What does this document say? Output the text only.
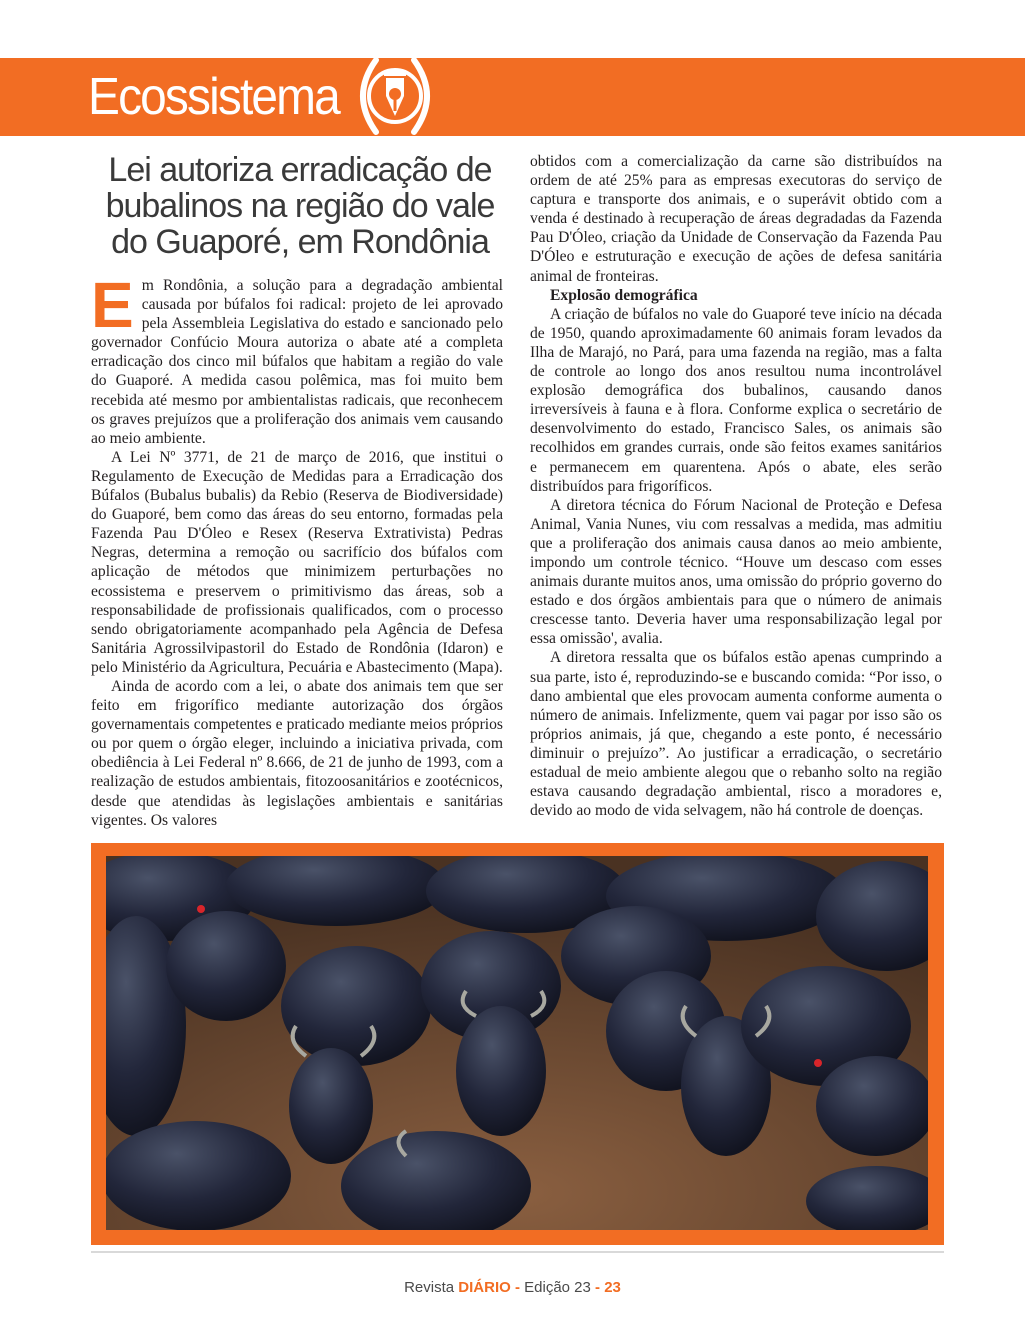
Ecossistema
Lei autoriza erradicação de bubalinos na região do vale do Guaporé, em Rondônia

Em Rondônia, a solução para a degradação ambiental causada por búfalos foi radical: projeto de lei aprovado pela Assembleia Legislativa do estado e sancionado pelo governador Confúcio Moura autoriza o abate até a completa erradicação dos cinco mil búfalos que habitam a região do vale do Guaporé. A medida casou polêmica, mas foi muito bem recebida até mesmo por ambientalistas radicais, que reconhecem os graves prejuízos que a proliferação dos animais vem causando ao meio ambiente.

A Lei Nº 3771, de 21 de março de 2016, que institui o Regulamento de Execução de Medidas para a Erradicação dos Búfalos (Bubalus bubalis) da Rebio (Reserva de Biodiversidade) do Guaporé, bem como das áreas do seu entorno, formadas pela Fazenda Pau D'Óleo e Resex (Reserva Extrativista) Pedras Negras, determina a remoção ou sacrifício dos búfalos com aplicação de métodos que minimizem perturbações no ecossistema e preservem o primitivismo das áreas, sob a responsabilidade de profissionais qualificados, com o processo sendo obrigatoriamente acompanhado pela Agência de Defesa Sanitária Agrossilvipastoril do Estado de Rondônia (Idaron) e pelo Ministério da Agricultura, Pecuária e Abastecimento (Mapa).

Ainda de acordo com a lei, o abate dos animais tem que ser feito em frigorífico mediante autorização dos órgãos governamentais competentes e praticado mediante meios próprios ou por quem o órgão eleger, incluindo a iniciativa privada, com obediência à Lei Federal nº 8.666, de 21 de junho de 1993, com a realização de estudos ambientais, fitozoosanitários e zootécnicos, desde que atendidas às legislações ambientais e sanitárias vigentes. Os valores

obtidos com a comercialização da carne são distribuídos na ordem de até 25% para as empresas executoras do serviço de captura e transporte dos animais, e o superávit obtido com a venda é destinado à recuperação de áreas degradadas da Fazenda Pau D'Óleo, criação da Unidade de Conservação da Fazenda Pau D'Óleo e estruturação e execução de ações de defesa sanitária animal de fronteiras.

Explosão demográfica

A criação de búfalos no vale do Guaporé teve início na década de 1950, quando aproximadamente 60 animais foram levados da Ilha de Marajó, no Pará, para uma fazenda na região, mas a falta de controle ao longo dos anos resultou numa incontrolável explosão demográfica dos bubalinos, causando danos irreversíveis à fauna e à flora. Conforme explica o secretário de desenvolvimento do estado, Francisco Sales, os animais são recolhidos em grandes currais, onde são feitos exames sanitários e permanecem em quarentena. Após o abate, eles serão distribuídos para frigoríficos.

A diretora técnica do Fórum Nacional de Proteção e Defesa Animal, Vania Nunes, viu com ressalvas a medida, mas admitiu que a proliferação dos animais causa danos ao meio ambiente, impondo um controle técnico. “Houve um descaso com esses animais durante muitos anos, uma omissão do próprio governo do estado e dos órgãos ambientais para que o número de animais crescesse tanto. Deveria haver uma responsabilização legal por essa omissão', avalia.

A diretora ressalta que os búfalos estão apenas cumprindo a sua parte, isto é, reproduzindo-se e buscando comida: “Por isso, o dano ambiental que eles provocam aumenta conforme aumenta o número de animais. Infelizmente, quem vai pagar por isso são os próprios animais, já que, chegando a este ponto, é necessário diminuir o prejuízo”. Ao justificar a erradicação, o secretário estadual de meio ambiente alegou que o rebanho solto na região estava causando degradação ambiental, risco a moradores e, devido ao modo de vida selvagem, não há controle de doenças.

Revista DIÁRIO - Edição 23 - 23
